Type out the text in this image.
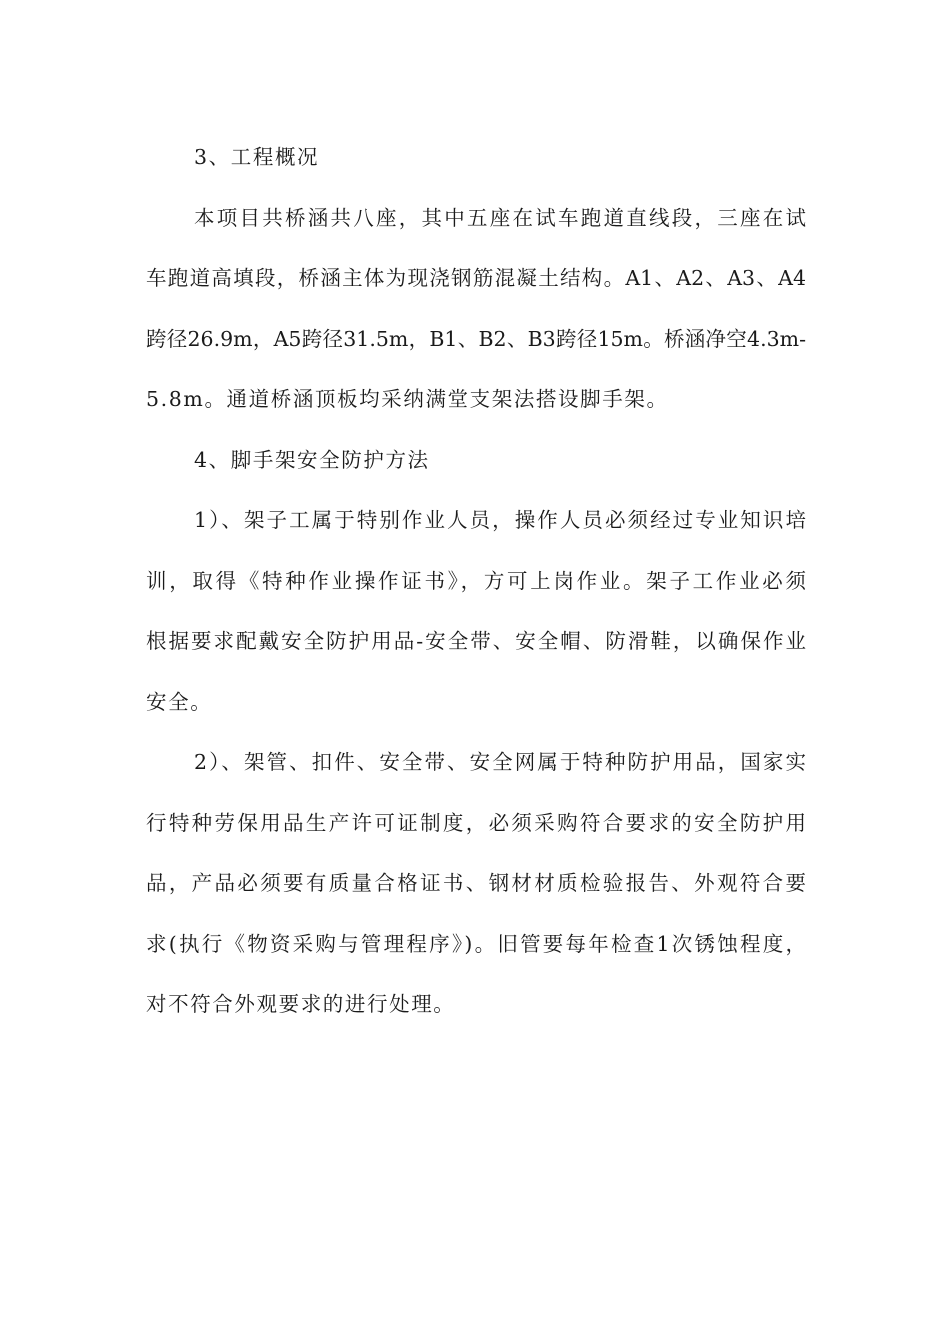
3、工程概况
本项目共桥涵共八座，其中五座在试车跑道直线段，三座在试
车跑道高填段，桥涵主体为现浇钢筋混凝土结构。A1、A2、A3、A4
跨径26.9m，A5跨径31.5m，B1、B2、B3跨径15m。桥涵净空4.3m-
5.8m。通道桥涵顶板均采纳满堂支架法搭设脚手架。
4、脚手架安全防护方法
1）、架子工属于特别作业人员，操作人员必须经过专业知识培
训，取得《特种作业操作证书》，方可上岗作业。架子工作业必须
根据要求配戴安全防护用品-安全带、安全帽、防滑鞋，以确保作业
安全。
2）、架管、扣件、安全带、安全网属于特种防护用品，国家实
行特种劳保用品生产许可证制度，必须采购符合要求的安全防护用
品，产品必须要有质量合格证书、钢材材质检验报告、外观符合要
求(执行《物资采购与管理程序》)。旧管要每年检查1次锈蚀程度，
对不符合外观要求的进行处理。
